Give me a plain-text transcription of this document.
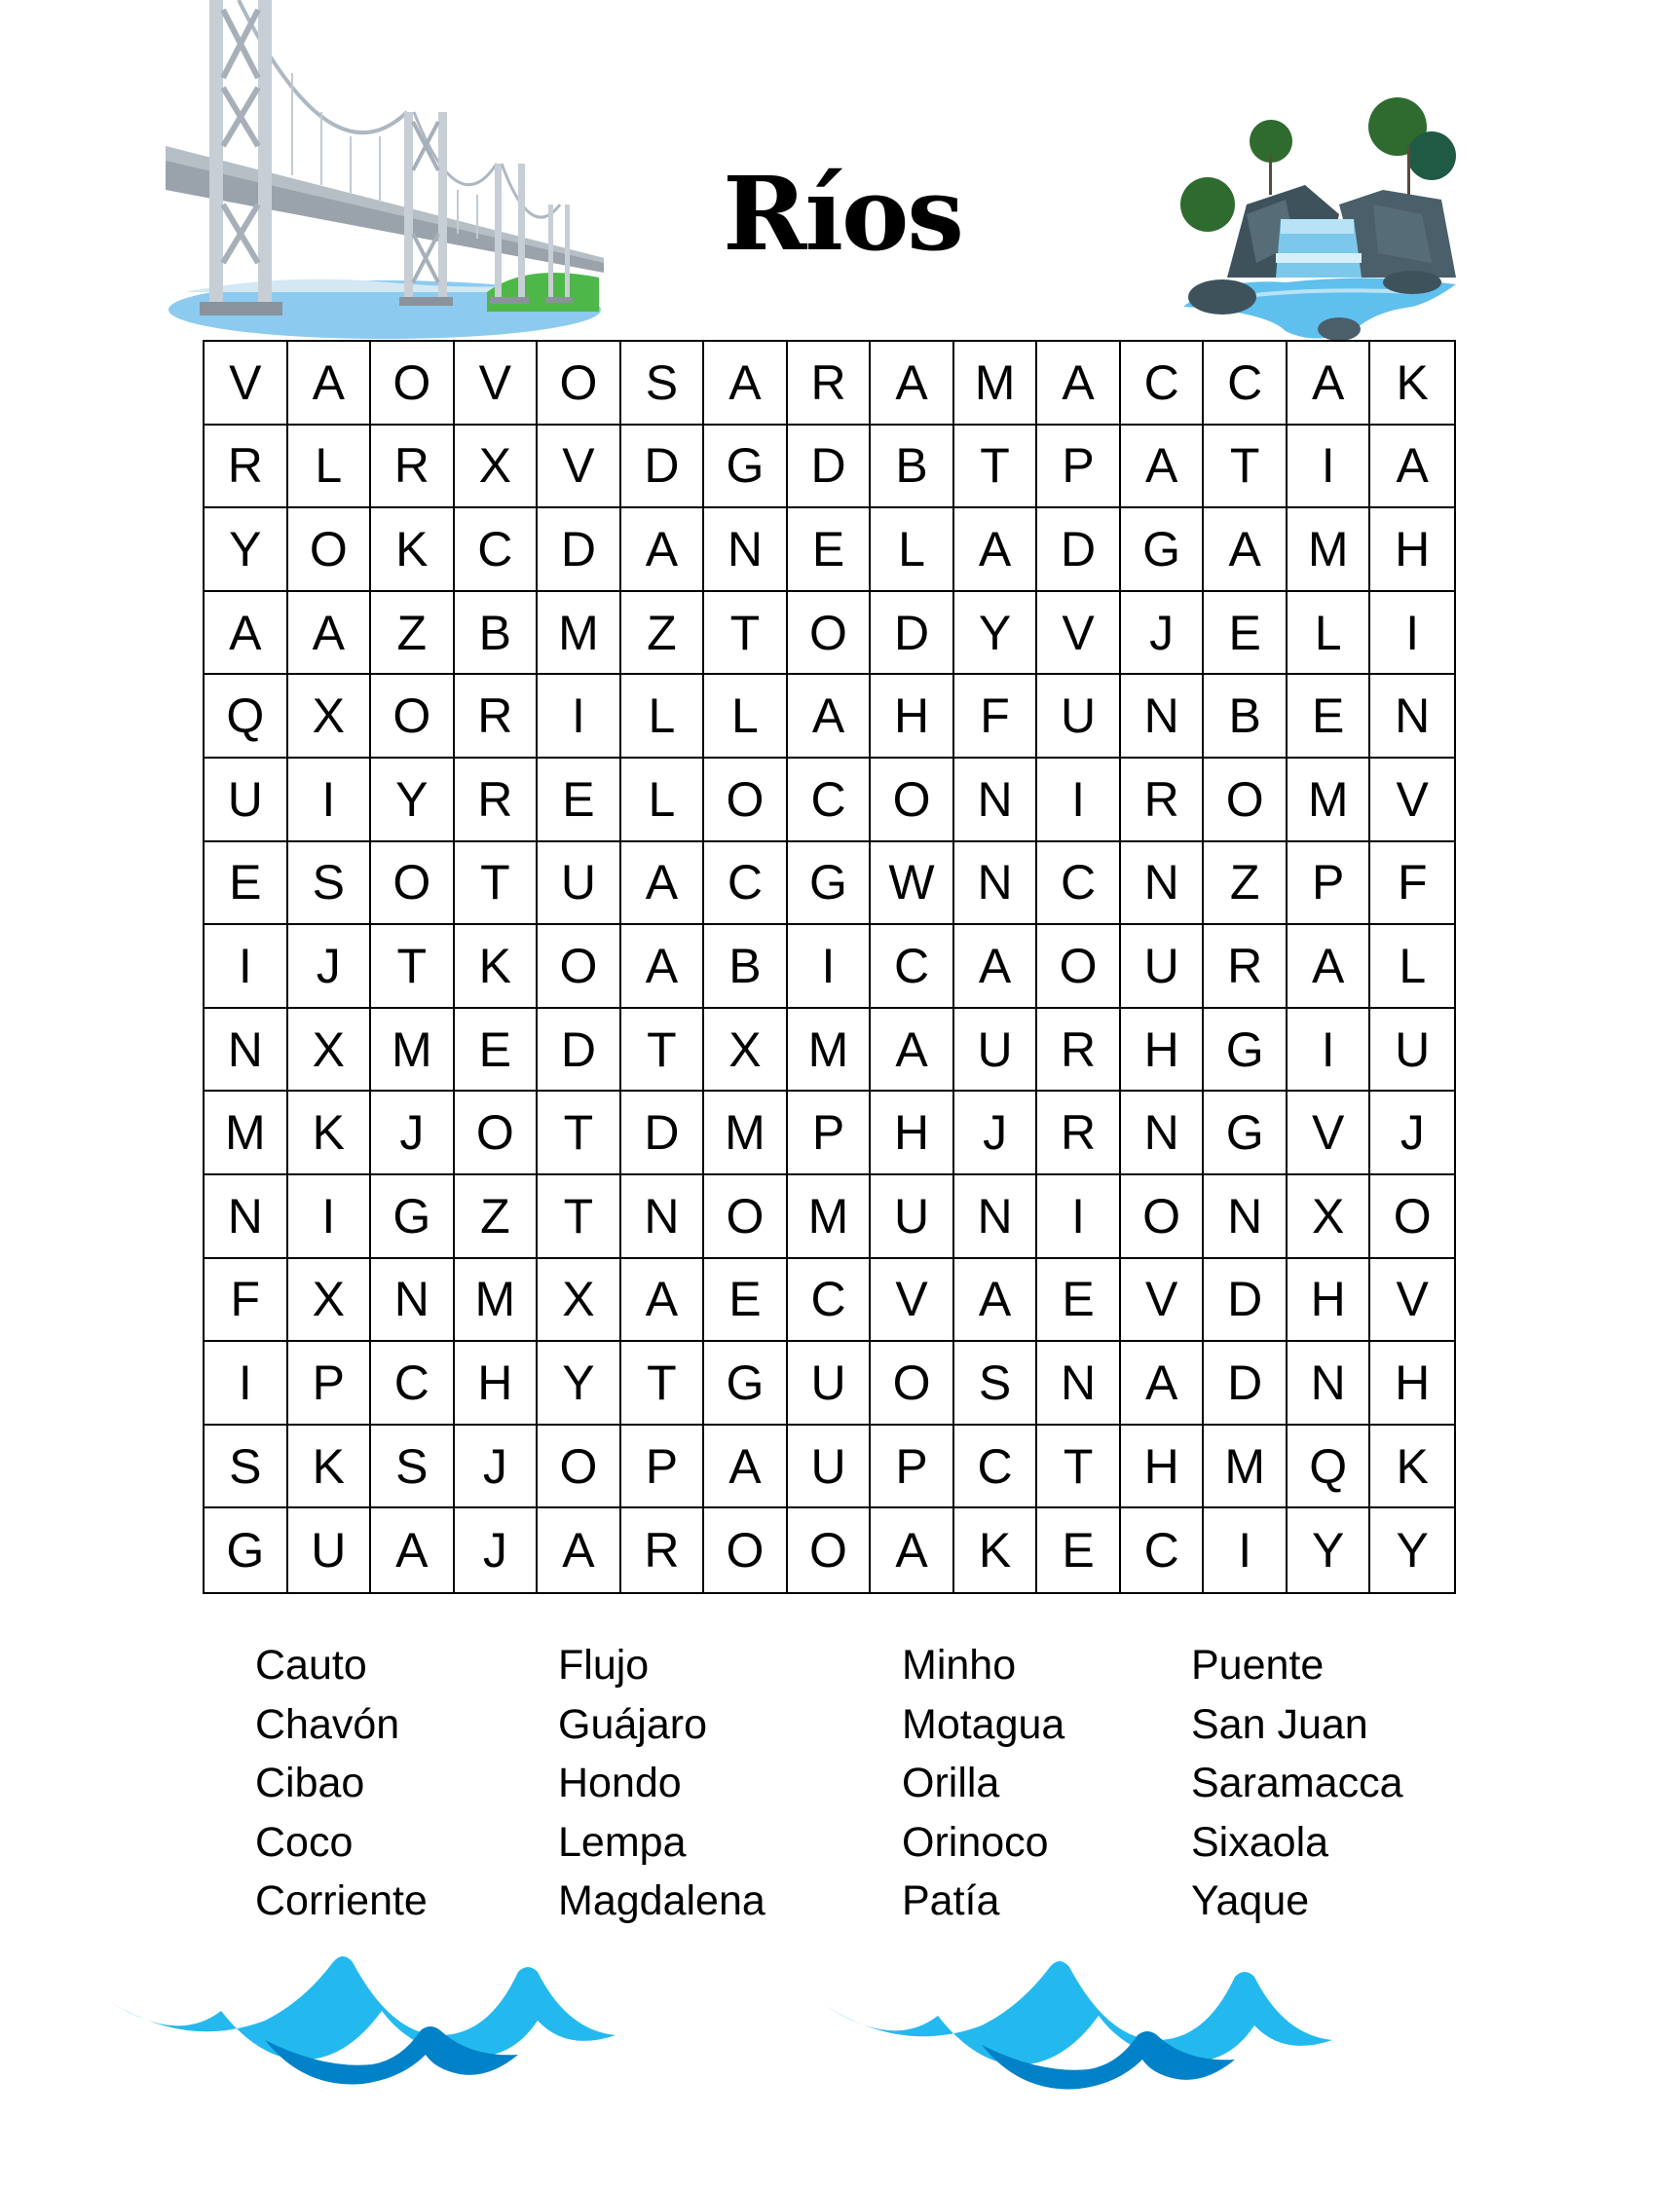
Ríos
V	A O V O S	A	R	A M A	C C	A	K
R	L	R	X	V	D G D	B	T	P	A	T	I	A
Y O K	C D	A	N	E	L	A	D G A M H
A	A	Z	B M Z	T	O D	Y	V	J	E	L	I
Q X O R	I	L	L	A	H	F	U N	B	E	N
U	I	Y	R	E	L	O C O N	I	R O M V
E	S O	T	U	A	C G W N C N	Z	P	F
I	J	T	K O A	B	I	C	A O U R	A	L
N	X M E	D	T	X M A	U R H G	I	U
M K	J	O	T	D M P	H	J	R N G V	J
N	I	G	Z	T	N O M U N	I	O N	X	O
F	X	N M X	A	E	C	V	A	E	V	D H	V
I	P	C H	Y	T	G U O S	N	A	D N	H
S	K	S	J	O P	A	U	P	C	T	H M Q	K
G U	A	J	A	R O O A	K	E	C	I	Y	Y
Cauto
Chavón
Cibao
Coco
Corriente
Flujo
Guájaro
Hondo
Lempa
Magdalena
Minho
Motagua
Orilla
Orinoco
Patía
Puente
San Juan
Saramacca
Sixaola
Yaque
